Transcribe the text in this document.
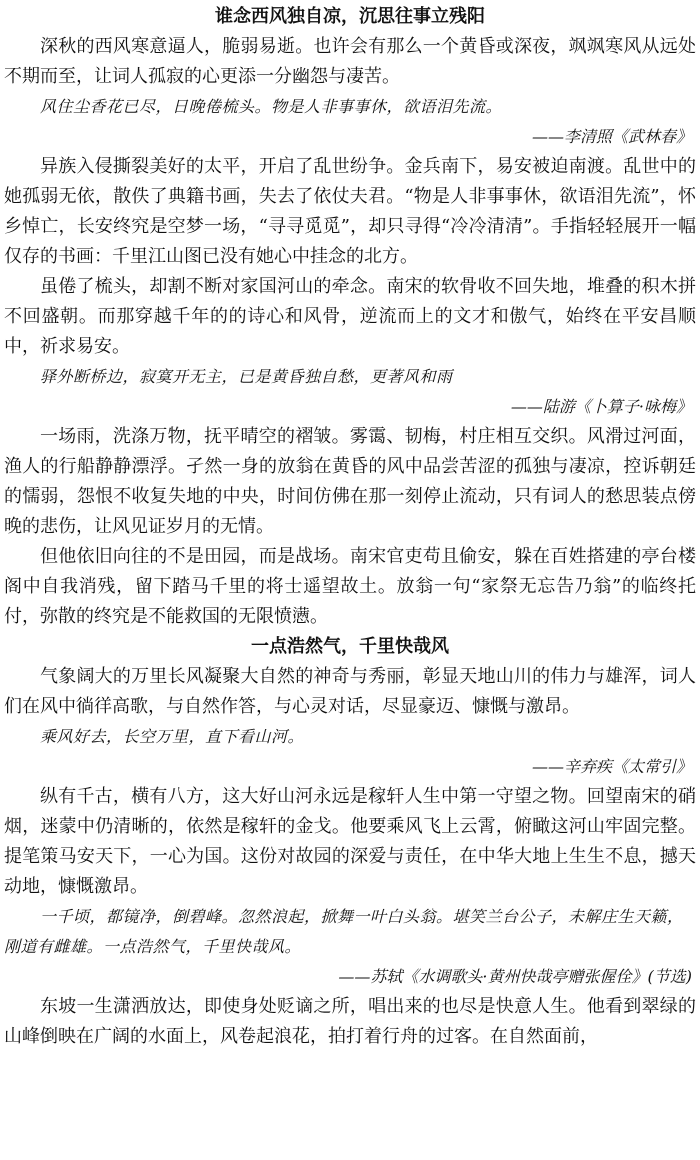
谁念西风独自凉，沉思往事立残阳
深秋的西风寒意逼人，脆弱易逝。也许会有那么一个黄昏或深夜，飒飒寒风从远处不期而至，让词人孤寂的心更添一分幽怨与凄苦。
风住尘香花已尽，日晚倦梳头。物是人非事事休，欲语泪先流。
——李清照《武林春》
异族入侵撕裂美好的太平，开启了乱世纷争。金兵南下，易安被迫南渡。乱世中的她孤弱无依，散佚了典籍书画，失去了依仗夫君。“物是人非事事休，欲语泪先流”，怀乡悼亡，长安终究是空梦一场，“寻寻觅觅”，却只寻得“冷冷清清”。手指轻轻展开一幅仅存的书画：千里江山图已没有她心中挂念的北方。
虽倦了梳头，却割不断对家国河山的牵念。南宋的软骨收不回失地，堆叠的积木拼不回盛朝。而那穿越千年的的诗心和风骨，逆流而上的文才和傲气，始终在平安昌顺中，祈求易安。
驿外断桥边，寂寞开无主，已是黄昏独自愁，更著风和雨
——陆游《卜算子·咏梅》
一场雨，洗涤万物，抚平晴空的褶皱。雾霭、韧梅，村庄相互交织。风滑过河面，渔人的行船静静漂浮。孑然一身的放翁在黄昏的风中品尝苦涩的孤独与凄凉，控诉朝廷的懦弱，怨恨不收复失地的中央，时间仿佛在那一刻停止流动，只有词人的愁思装点傍晚的悲伤，让风见证岁月的无情。
但他依旧向往的不是田园，而是战场。南宋官吏苟且偷安，躲在百姓搭建的亭台楼阁中自我消残，留下踏马千里的将士遥望故土。放翁一句“家祭无忘告乃翁”的临终托付，弥散的终究是不能救国的无限愤懑。
一点浩然气，千里快哉风
气象阔大的万里长风凝聚大自然的神奇与秀丽，彰显天地山川的伟力与雄浑，词人们在风中徜徉高歌，与自然作答，与心灵对话，尽显豪迈、慷慨与激昂。
乘风好去，长空万里，直下看山河。
——辛弃疾《太常引》
纵有千古，横有八方，这大好山河永远是稼轩人生中第一守望之物。回望南宋的硝烟，迷蒙中仍清晰的，依然是稼轩的金戈。他要乘风飞上云霄，俯瞰这河山牢固完整。提笔策马安天下，一心为国。这份对故园的深爱与责任，在中华大地上生生不息，撼天动地，慷慨激昂。
一千顷，都镜净，倒碧峰。忽然浪起，掀舞一叶白头翁。堪笑兰台公子，未解庄生天籁，刚道有雌雄。一点浩然气，千里快哉风。
——苏轼《水调歌头·黄州快哉亭赠张偓佺》(节选)
东坡一生潇洒放达，即使身处贬谪之所，唱出来的也尽是快意人生。他看到翠绿的山峰倒映在广阔的水面上，风卷起浪花，拍打着行舟的过客。在自然面前，
